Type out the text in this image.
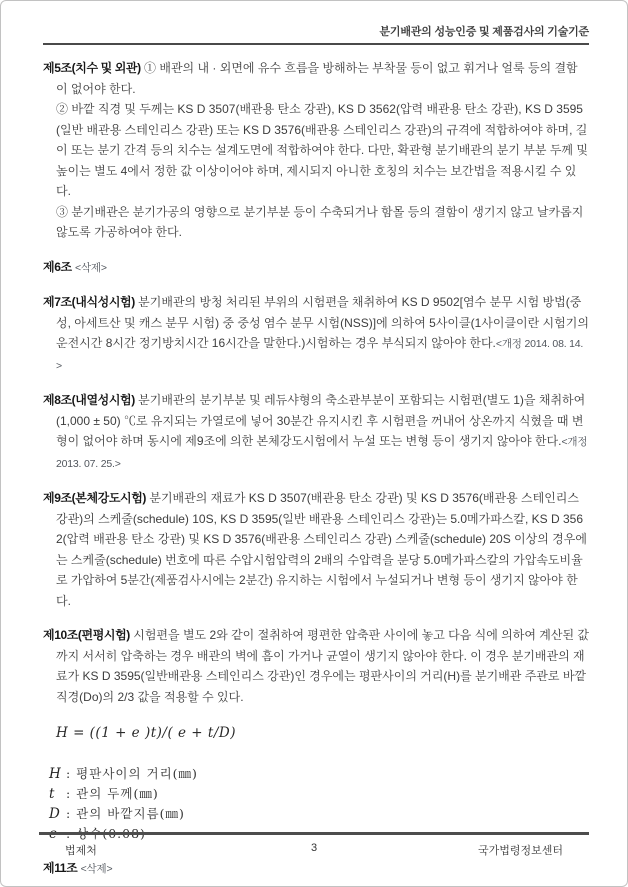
분기배관의 성능인증 및 제품검사의 기술기준

제5조(치수 및 외관) ① 배관의 내 · 외면에 유수 흐름을 방해하는 부착물 등이 없고 휘거나 얼룩 등의 결함이 없어야 한다.

② 바깥 직경 및 두께는 KS D 3507(배관용 탄소 강관), KS D 3562(압력 배관용 탄소 강관), KS D 3595(일반 배관용 스테인리스 강관) 또는 KS D 3576(배관용 스테인리스 강관)의 규격에 적합하여야 하며, 길이 또는 분기 간격 등의 치수는 설계도면에 적합하여야 한다. 다만, 확관형 분기배관의 분기 부분 두께 및 높이는 별도 4에서 정한 값 이상이어야 하며, 제시되지 아니한 호칭의 치수는 보간법을 적용시킬 수 있다.

③ 분기배관은 분기가공의 영향으로 분기부분 등이 수축되거나 함몰 등의 결함이 생기지 않고 날카롭지 않도록 가공하여야 한다.

제6조 <삭제>

제7조(내식성시험) 분기배관의 방청 처리된 부위의 시험편을 채취하여 KS D 9502[염수 분무 시험 방법(중성, 아세트산 및 캐스 분무 시험) 중 중성 염수 분무 시험(NSS)]에 의하여 5사이클(1사이클이란 시험기의 운전시간 8시간 정기방치시간 16시간을 말한다.)시험하는 경우 부식되지 않아야 한다.<개정 2014. 08. 14.>

제8조(내열성시험) 분기배관의 분기부분 및 레듀샤형의 축소관부분이 포함되는 시험편(별도 1)을 채취하여 (1,000 ± 50) ℃로 유지되는 가열로에 넣어 30분간 유지시킨 후 시험편을 꺼내어 상온까지 식혔을 때 변형이 없어야 하며 동시에 제9조에 의한 본체강도시험에서 누설 또는 변형 등이 생기지 않아야 한다.<개정 2013. 07. 25.>

제9조(본체강도시험) 분기배관의 재료가 KS D 3507(배관용 탄소 강관) 및 KS D 3576(배관용 스테인리스 강관)의 스케줄(schedule) 10S, KS D 3595(일반 배관용 스테인리스 강관)는 5.0메가파스칼, KS D 3562(압력 배관용 탄소 강관) 및 KS D 3576(배관용 스테인리스 강관) 스케줄(schedule) 20S 이상의 경우에는 스케줄(schedule) 번호에 따른 수압시험압력의 2배의 수압력을 분당 5.0메가파스칼의 가압속도비율로 가압하여 5분간(제품검사시에는 2분간) 유지하는 시험에서 누설되거나 변형 등이 생기지 않아야 한다.

제10조(편평시험) 시험편을 별도 2와 같이 절취하여 평편한 압축판 사이에 놓고 다음 식에 의하여 계산된 값까지 서서히 압축하는 경우 배관의 벽에 흠이 가거나 균열이 생기지 않아야 한다. 이 경우 분기배관의 재료가 KS D 3595(일반배관용 스테인리스 강관)인 경우에는 평판사이의 거리(H)를 분기배관 주관로 바깥직경(Do)의 2/3 값을 적용할 수 있다.

H = ((1 + e )t)/( e + t/D)

H : 평판사이의 거리(㎜)

t : 관의 두께(㎜)

D : 관의 바깥지름(㎜)

제11조 <삭제>

법제처	3	국가법령정보센터
